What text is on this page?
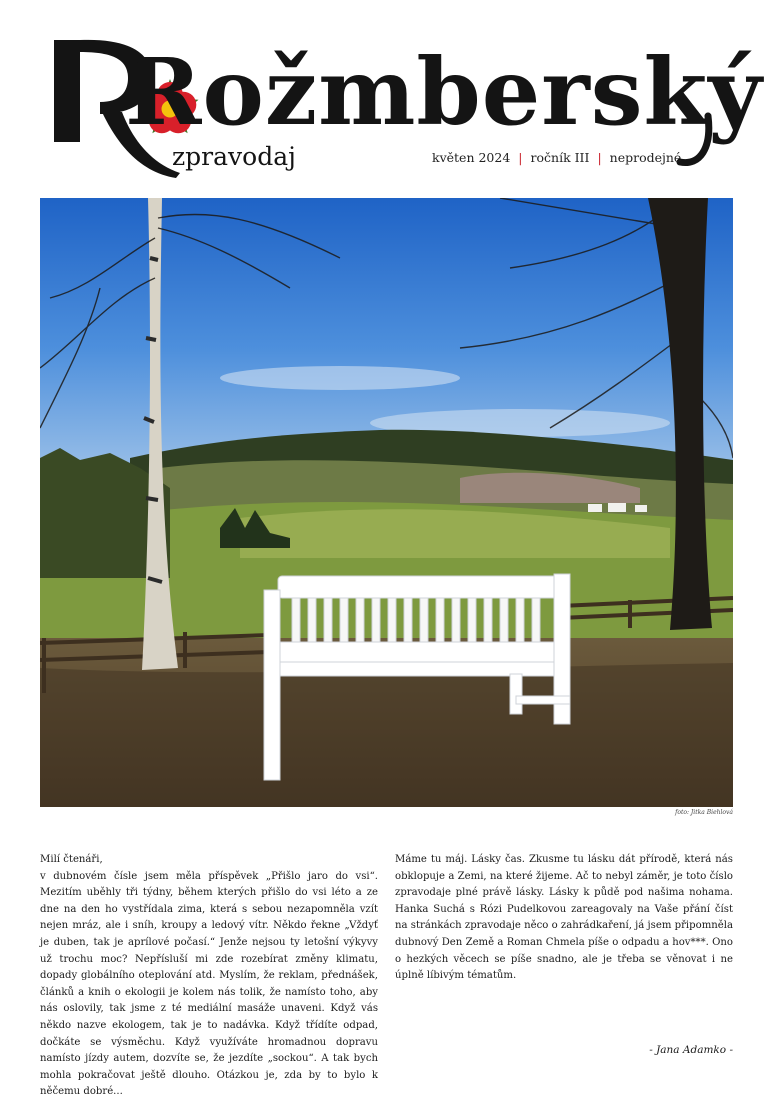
Rožmberský
zpravodaj	květen 2024 | ročník III | neprodejné
foto: Jitka Biehlová

Milí čtenáři,

v dubnovém čísle jsem měla příspěvek „Přišlo jaro do vsi“. Mezitím uběhly tři týdny, během kterých přišlo do vsi léto a ze dne na den ho vystřídala zima, která s sebou nezapomněla vzít nejen mráz, ale i sníh, kroupy a ledový vítr. Někdo řekne „Vždyť je duben, tak je aprílové počasí.“ Jenže nejsou ty letošní výkyvy už trochu moc? Nepřísluší mi zde rozebírat změny klimatu, dopady globálního oteplování atd. Myslím, že reklam, přednášek, článků a knih o ekologii je kolem nás tolik, že namísto toho, aby nás oslovily, tak jsme z té mediální masáže unaveni. Když vás někdo nazve ekologem, tak je to nadávka. Když třídíte odpad, dočkáte se výsměchu. Když využíváte hromadnou dopravu namísto jízdy autem, dozvíte se, že jezdíte „sockou“. A tak bych mohla pokračovat ještě dlouho. Otázkou je, zda by to bylo k něčemu dobré...

Máme tu máj. Lásky čas. Zkusme tu lásku dát přírodě, která nás obklopuje a Zemi, na které žijeme. Ač to nebyl záměr, je toto číslo zpravodaje plné právě lásky. Lásky k půdě pod našima nohama. Hanka Suchá s Rózi Pudelkovou zareagovaly na Vaše přání číst na stránkách zpravodaje něco o zahrádkaření, já jsem připomněla dubnový Den Země a Roman Chmela píše o odpadu a hov***. Ono o hezkých věcech se píše snadno, ale je třeba se věnovat i ne úplně líbivým tématům.

- Jana Adamko -
